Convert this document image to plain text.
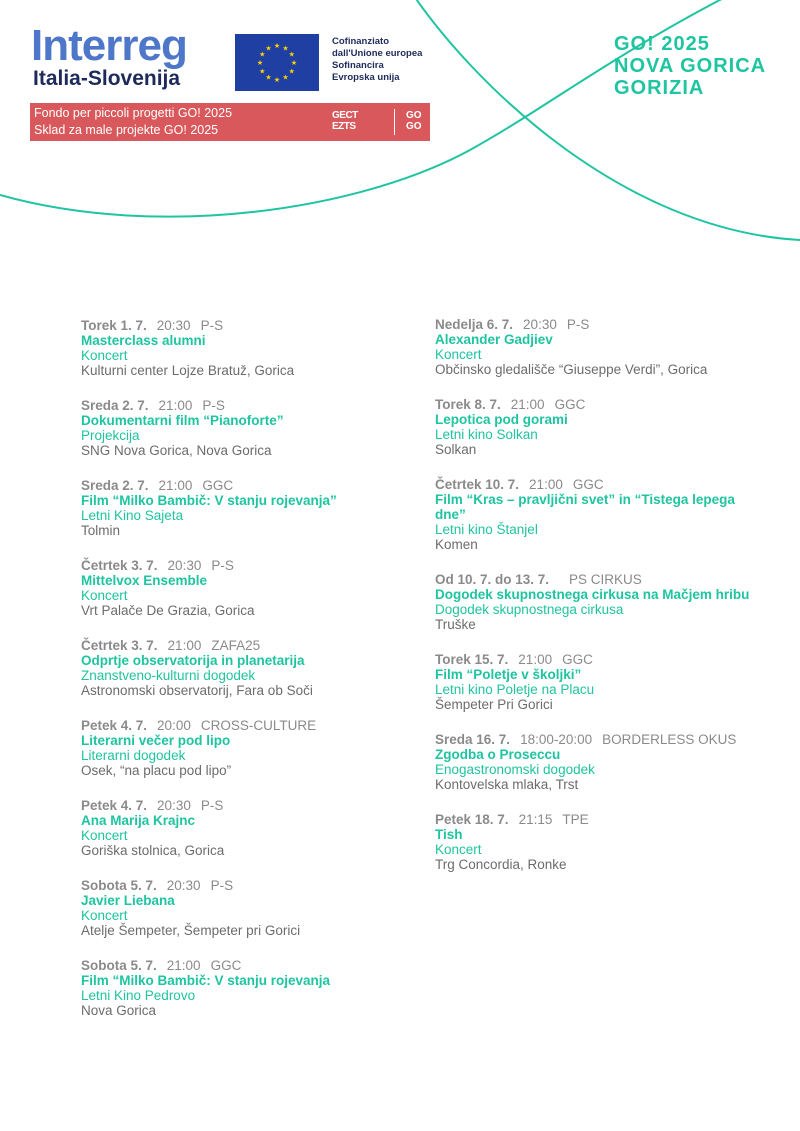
Interreg
Italia-Slovenija
★ ★
★
★
★
★
★
★
★
★
★
★
Cofinanziato
dall'Unione europea
Sofinancira
Evropska unija
Fondo per piccoli progetti GO! 2025
Sklad za male projekte GO! 2025
GECT
EZTS
GO
GO
GO! 2025
NOVA GORICA
GORIZIA
Torek 1. 7. 20:30 P-S
Masterclass alumni
Koncert
Kulturni center Lojze Bratuž, Gorica
Sreda 2. 7. 21:00 P-S
Dokumentarni film “Pianoforte”
Projekcija
SNG Nova Gorica, Nova Gorica
Sreda 2. 7. 21:00 GGC
Film “Milko Bambič: V stanju rojevanja”
Letni Kino Sajeta
Tolmin
Četrtek 3. 7. 20:30 P-S
Mittelvox Ensemble
Koncert
Vrt Palače De Grazia, Gorica
Četrtek 3. 7. 21:00 ZAFA25
Odprtje observatorija in planetarija
Znanstveno-kulturni dogodek
Astronomski observatorij, Fara ob Soči
Petek 4. 7. 20:00 CROSS-CULTURE
Literarni večer pod lipo
Literarni dogodek
Osek, “na placu pod lipo”
Petek 4. 7. 20:30 P-S
Ana Marija Krajnc
Koncert
Goriška stolnica, Gorica
Sobota 5. 7. 20:30 P-S
Javier Liebana
Koncert
Atelje Šempeter, Šempeter pri Gorici
Sobota 5. 7. 21:00 GGC
Film “Milko Bambič: V stanju rojevanja
Letni Kino Pedrovo
Nova Gorica
Nedelja 6. 7. 20:30 P-S
Alexander Gadjiev
Koncert
Občinsko gledališče “Giuseppe Verdi”, Gorica
Torek 8. 7. 21:00 GGC
Lepotica pod gorami
Letni kino Solkan
Solkan
Četrtek 10. 7. 21:00 GGC
Film “Kras – pravljični svet” in “Tistega lepega dne”
Letni kino Štanjel
Komen
Od 10. 7. do 13. 7. PS CIRKUS
Dogodek skupnostnega cirkusa na Mačjem hribu
Dogodek skupnostnega cirkusa
Truške
Torek 15. 7. 21:00 GGC
Film “Poletje v školjki”
Letni kino Poletje na Placu
Šempeter Pri Gorici
Sreda 16. 7. 18:00-20:00 BORDERLESS OKUS
Zgodba o Proseccu
Enogastronomski dogodek
Kontovelska mlaka, Trst
Petek 18. 7. 21:15 TPE
Tish
Koncert
Trg Concordia, Ronke
